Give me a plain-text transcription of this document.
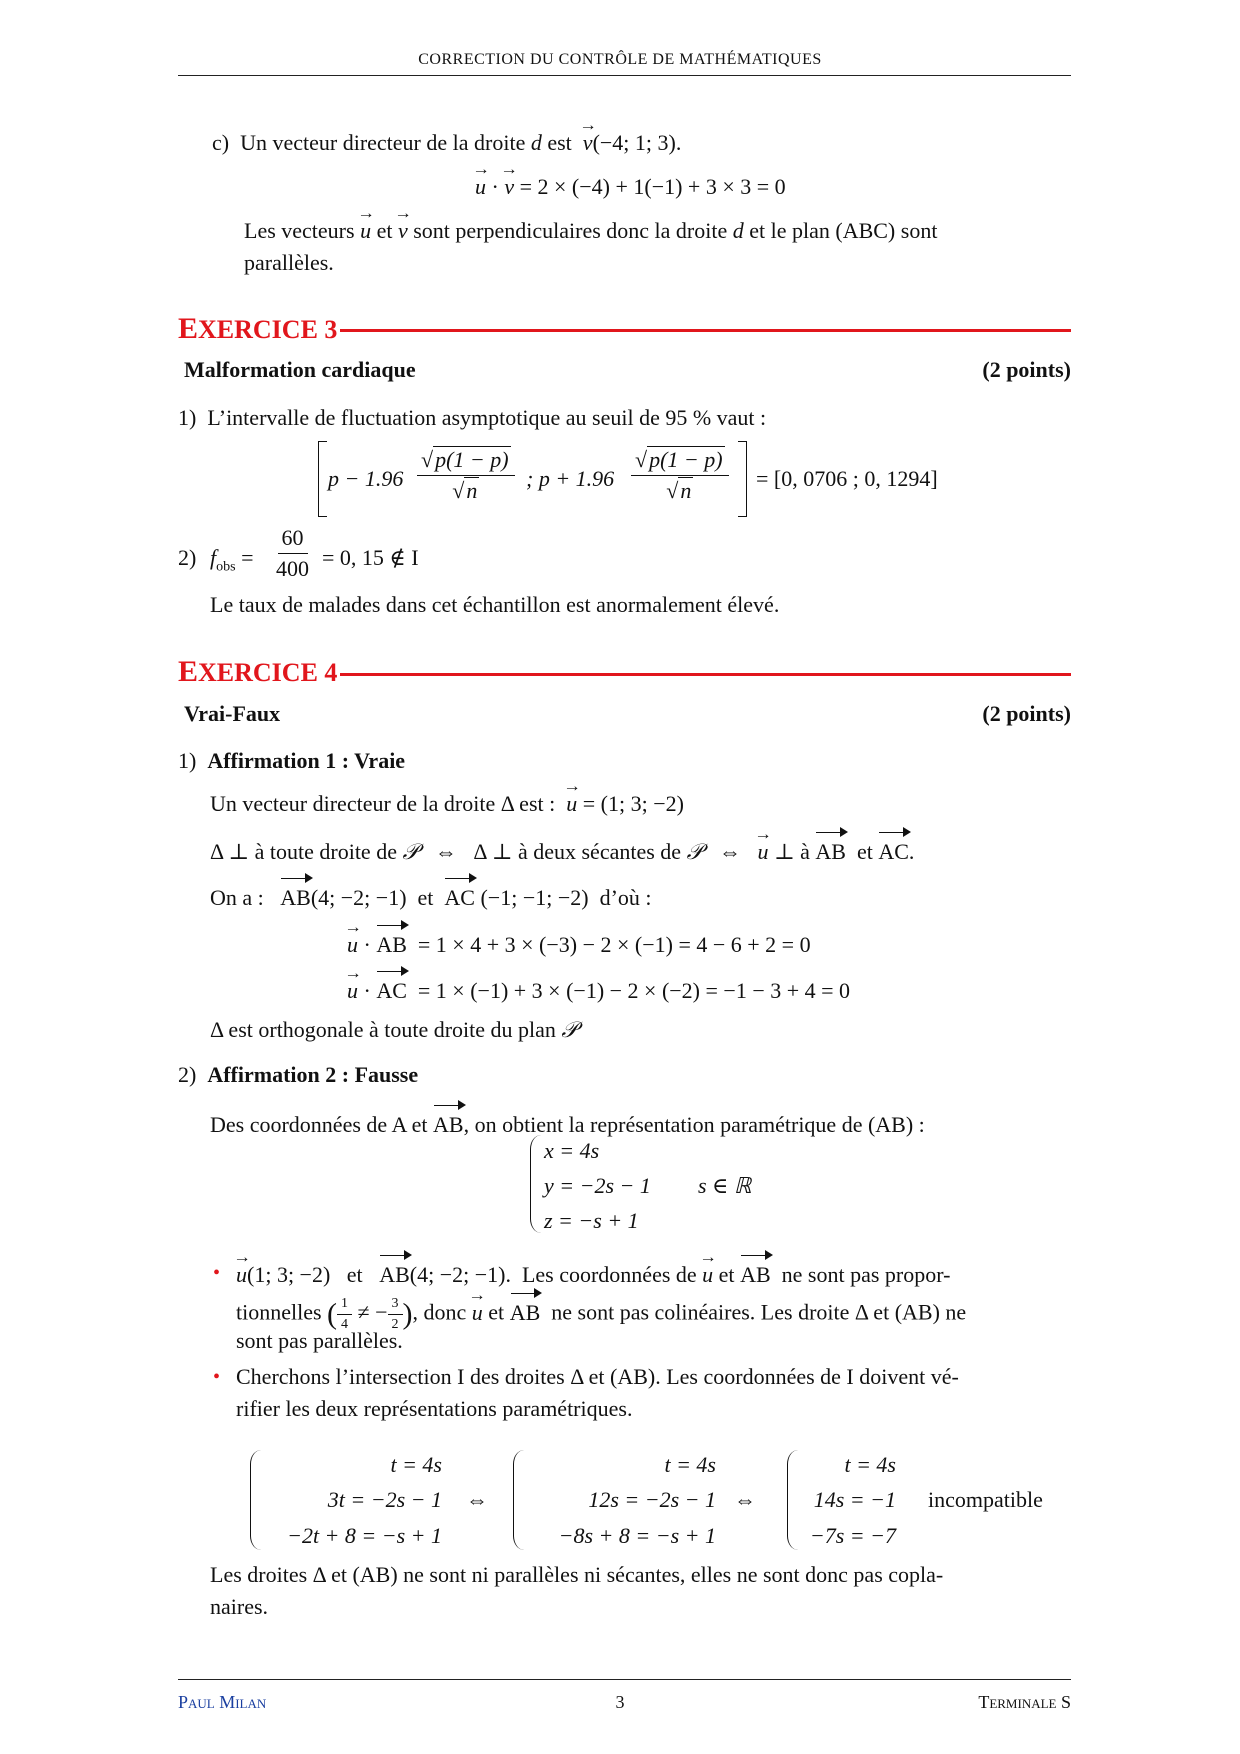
CORRECTION DU CONTRÔLE DE MATHÉMATIQUES
c) Un vecteur directeur de la droite d est → v(−4; 1; 3).
→ u · → v = 2 × (−4) + 1(−1) + 3 × 3 = 0
Les vecteurs → u et → v sont perpendiculaires donc la droite d et le plan (ABC) sont
parallèles.
EXERCICE 3
Malformation cardiaque	(2 points)
1) L’intervalle de fluctuation asymptotique au seuil de 95 % vaut :
$p - 1.96 \frac{√p(1 - p)}{√n}$ ; $p + 1.96 \frac{√p(1 - p)}{√n} = [0$, 0706 ; 0, 1294]
2) $f_{obs} = \frac{60}{400} = 0$, 15 ∉ I
Le taux de malades dans cet échantillon est anormalement élevé.
EXERCICE 4
Vrai-Faux	(2 points)
1) Affirmation 1 : Vraie
Un vecteur directeur de la droite Δ est : → u = (1; 3; −2)
Δ ⊥ à toute droite de 𝒫 ⇔ Δ ⊥ à deux sécantes de 𝒫 ⇔ → u ⊥ à AB et AC.
On a : AB(4; −2; −1) et AC (−1; −1; −2) d’où :
→ u · AB = 1 × 4 + 3 × (−3) − 2 × (−1) = 4 − 6 + 2 = 0
→ u · AC = 1 × (−1) + 3 × (−1) − 2 × (−2) = −1 − 3 + 4 = 0
Δ est orthogonale à toute droite du plan 𝒫
2) Affirmation 2 : Fausse
Des coordonnées de A et AB, on obtient la représentation paramétrique de (AB) :
x = 4s
y = −2s − 1
z = −s + 1
s ∈ ℝ
• → u(1; 3; −2) et AB(4; −2; −1). Les coordonnées de → u et AB ne sont pas propor-
tionnelles ( $\frac{1}{4}$ ≠ − $\frac{3}{2}$ ), donc → u et AB ne sont pas colinéaires. Les droite Δ et (AB) ne
sont pas parallèles.
• Cherchons l’intersection I des droites Δ et (AB). Les coordonnées de I doivent vé-
rifier les deux représentations paramétriques.
t = 4s
3t = −2s − 1
−2t + 8 = −s + 1
⇔
t = 4s
12s = −2s − 1
−8s + 8 = −s + 1
⇔
t = 4s
14s = −1
−7s = −7
incompatible
Les droites Δ et (AB) ne sont ni parallèles ni sécantes, elles ne sont donc pas copla-
naires.
Paul Milan	3	Terminale S
